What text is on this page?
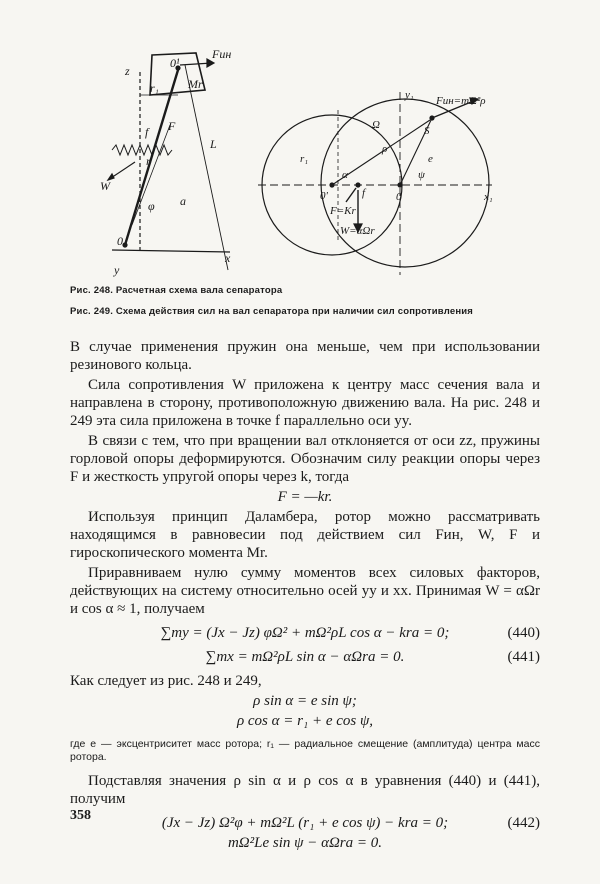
0¹
Fин
z
r₁ Mr
f F
r
L
W
φ a
0
x
y
y₁ Fин=mΩ²ρ
Ω	S
ρ
r₁
α
e
ψ
0'	f	0	x₁
F=Kr
W=αΩr
Рис. 248. Расчетная схема вала сепаратора
Рис. 249. Схема действия сил на вал сепаратора при наличии сил сопротивления

В случае применения пружин она меньше, чем при использовании резинового кольца.

Сила сопротивления W приложена к центру масс сечения вала и направлена в сторону, противоположную движению вала. На рис. 248 и 249 эта сила приложена в точке f параллельно оси yy.

В связи с тем, что при вращении вал отклоняется от оси zz, пружины горловой опоры деформируются. Обозначим силу реакции опоры через F и жесткость упругой опоры через k, тогда

F = —kr.

Используя принцип Даламбера, ротор можно рассматривать находящимся в равновесии под действием сил Fин, W, F и гироскопического момента Mr.

Приравниваем нулю сумму моментов всех силовых факторов, действующих на систему относительно осей yy и xx. Принимая W = αΩr и cos α ≈ 1, получаем

∑my = (Jx − Jz) φΩ² + mΩ²ρL cos α − kra = 0;	(440)
∑mx = mΩ²ρL sin α − αΩra = 0.	(441)

Как следует из рис. 248 и 249,

ρ sin α = e sin ψ;
ρ cos α = r₁ + e cos ψ,

где e — эксцентриситет масс ротора; r₁ — радиальное смещение (амплитуда) центра масс ротора.

Подставляя значения ρ sin α и ρ cos α в уравнения (440) и (441), получим

(Jx − Jz) Ω²φ + mΩ²L (r₁ + e cos ψ) − kra = 0;	(442)
mΩ²Le sin ψ − αΩra = 0.
358
